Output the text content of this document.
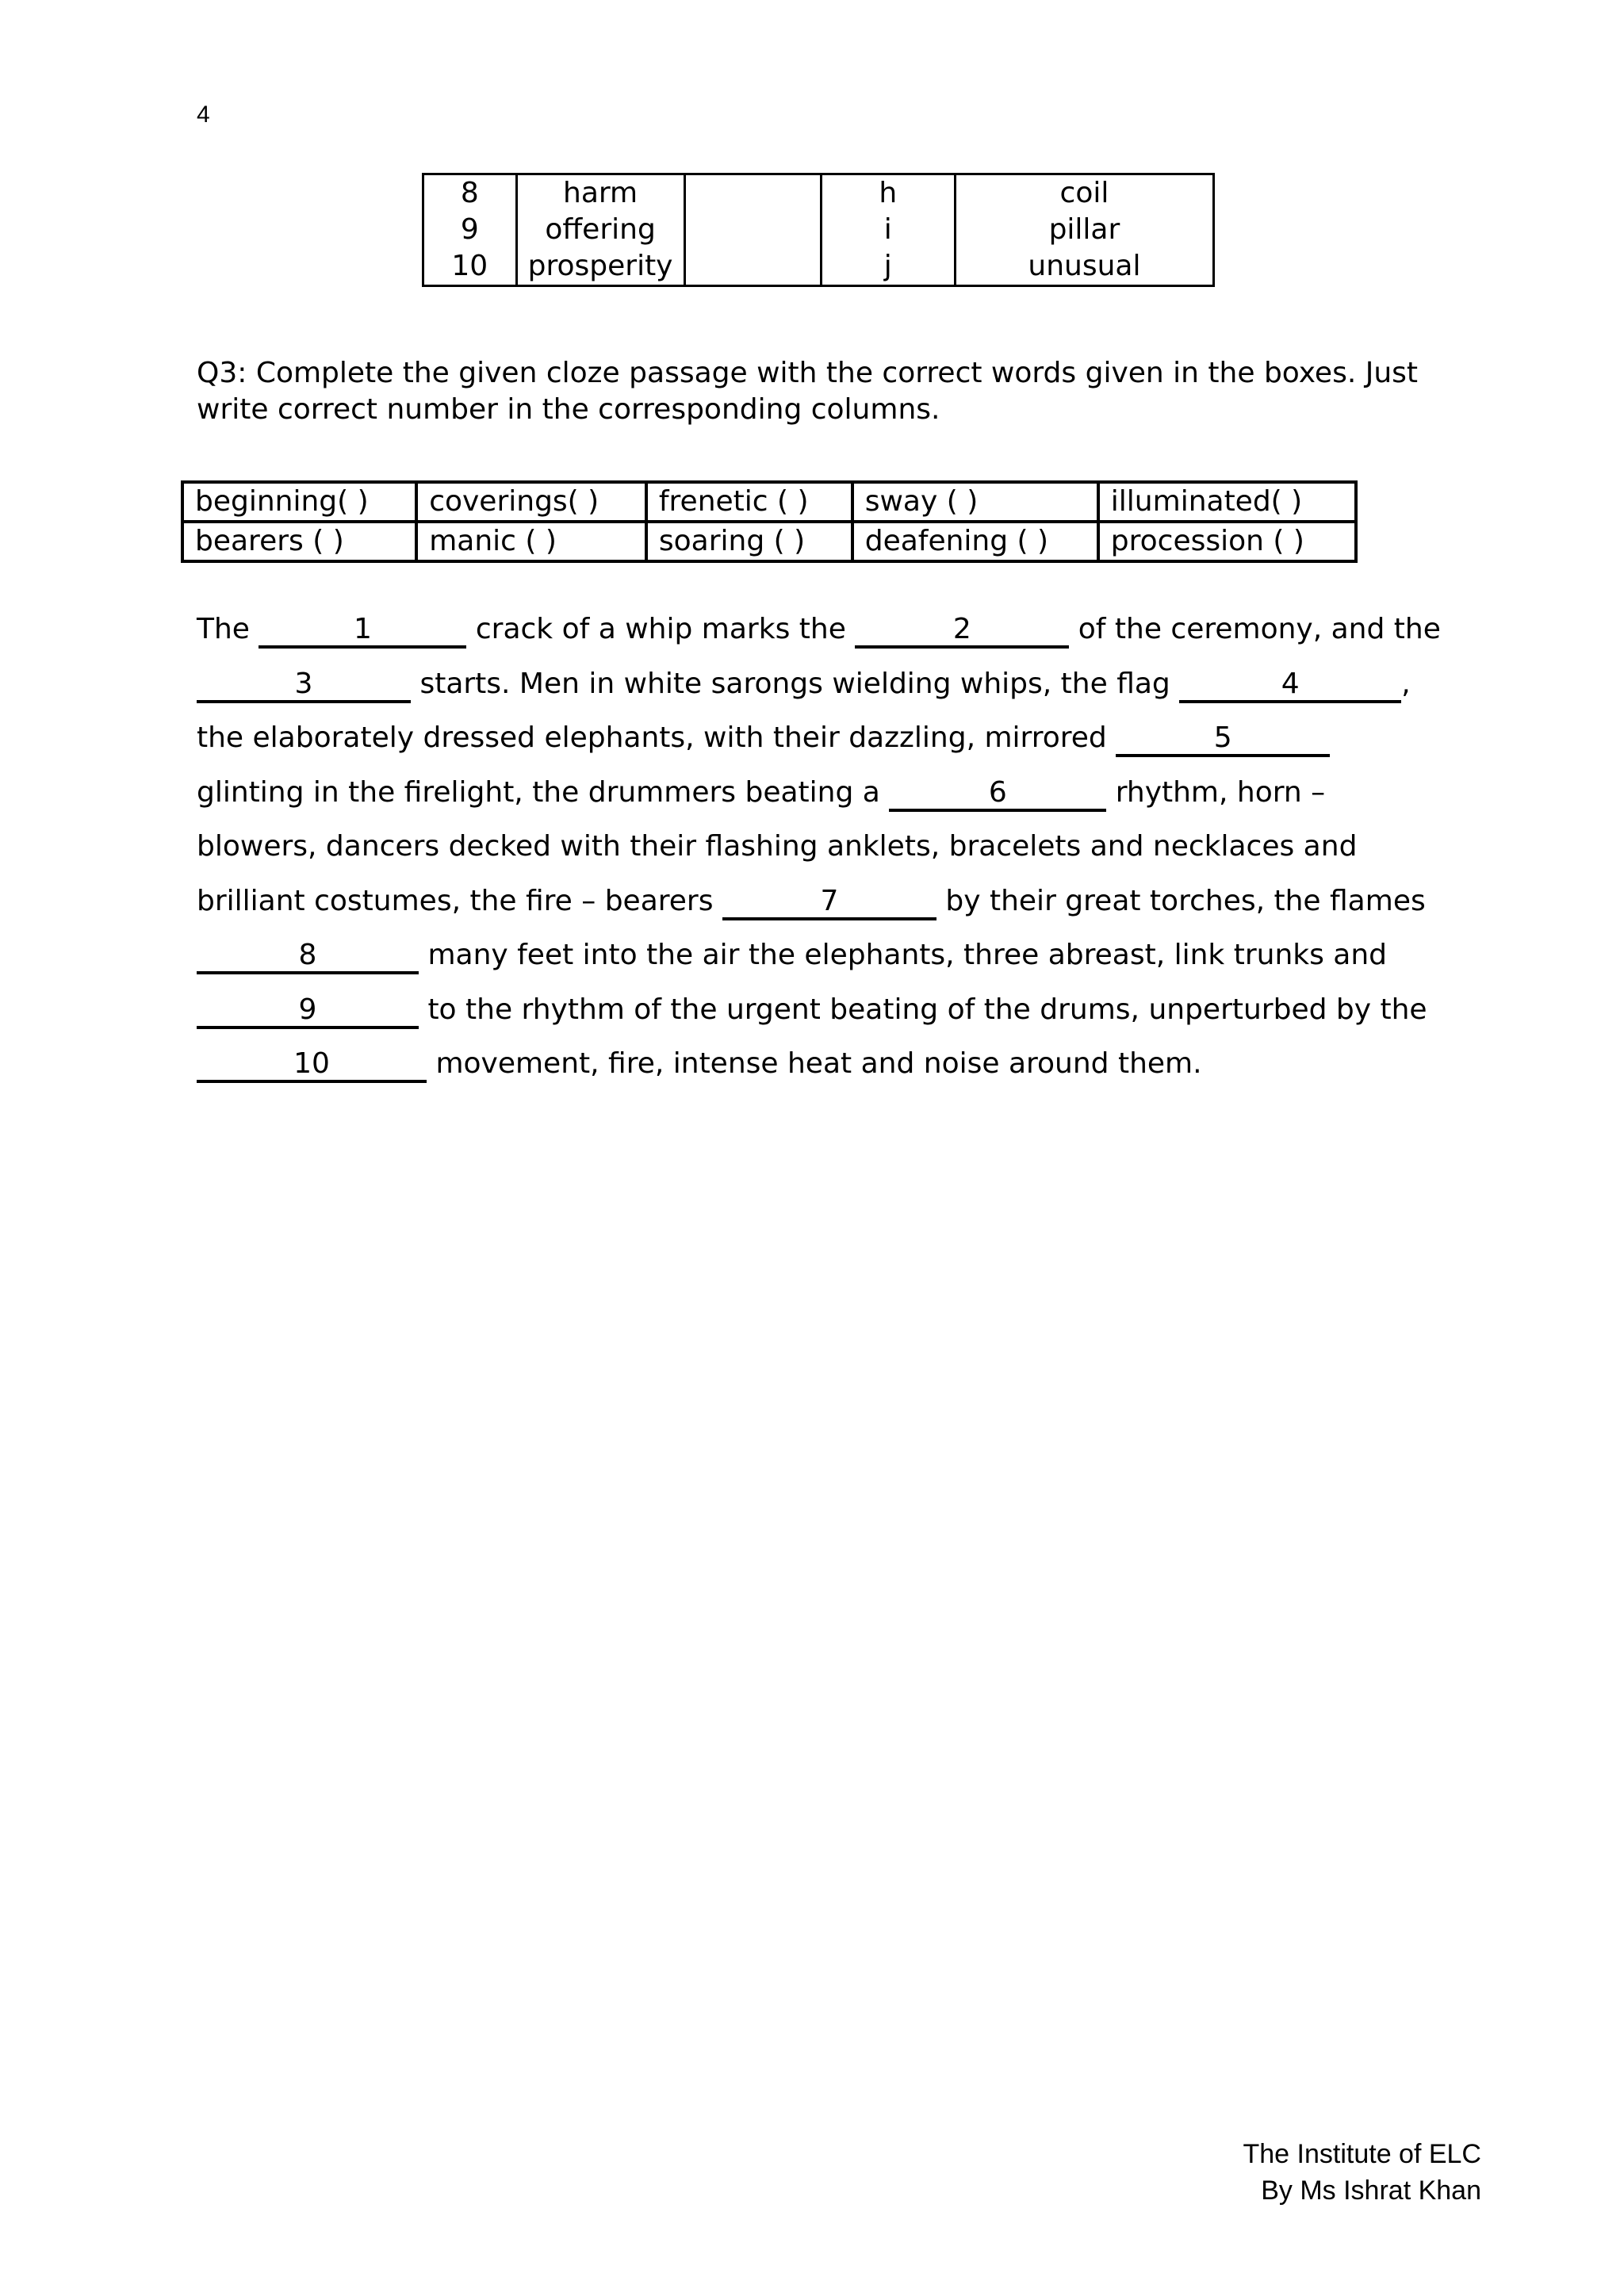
4
8	harm		h	coil
9	offering		i	pillar
10	prosperity		j	unusual
Q3: Complete the given cloze passage with the correct words given in the boxes. Just write correct number in the corresponding columns.
beginning( )	coverings( )	frenetic ( )	sway ( )	illuminated( )
bearers ( )	manic ( )	soaring ( )	deafening ( )	procession ( )
The	1	crack of a whip marks the	2	of the ceremony, and the 3	starts. Men in white sarongs wielding whips, the flag	4	, the elaborately dressed elephants, with their dazzling, mirrored	5 glinting in the firelight, the drummers beating a	6	rhythm, horn – blowers, dancers decked with their flashing anklets, bracelets and necklaces and brilliant costumes, the fire – bearers	7	by their great torches, the flames 8	many feet into the air the elephants, three abreast, link trunks and 9	to the rhythm of the urgent beating of the drums, unperturbed by the 10	movement, fire, intense heat and noise around them.
The Institute of ELC
By Ms Ishrat Khan
